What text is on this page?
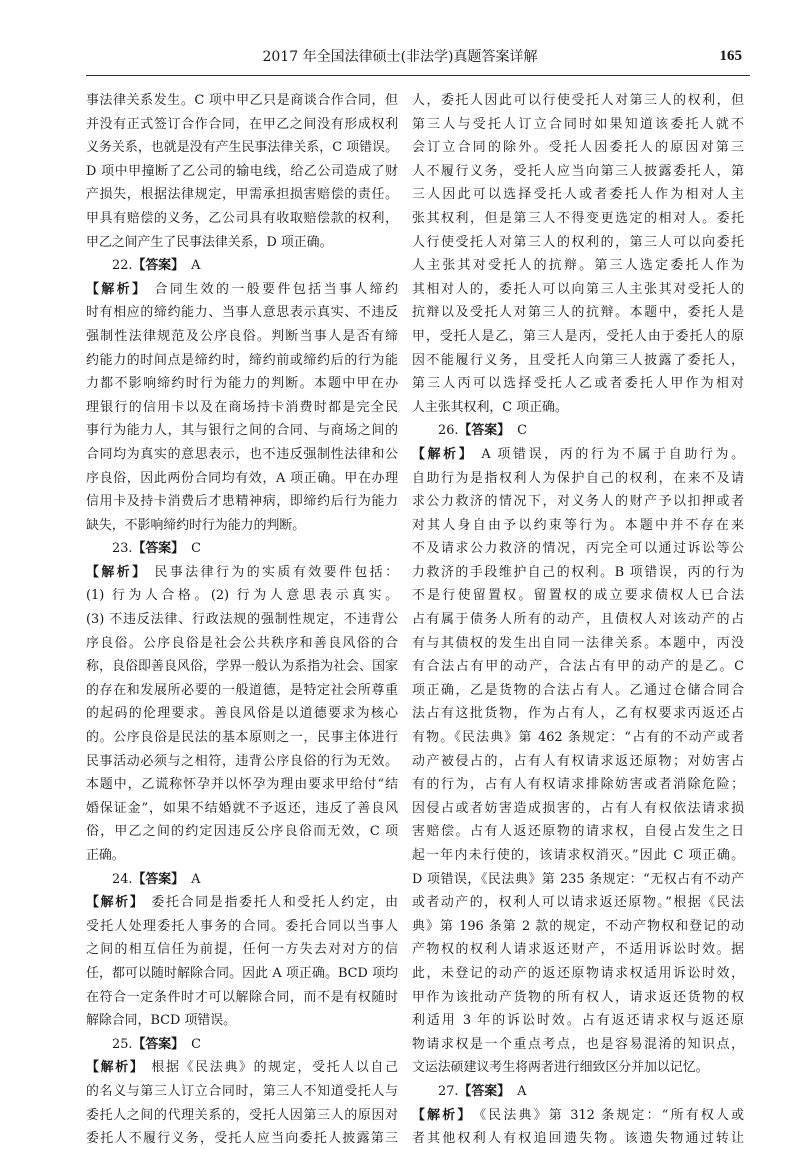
2017 年全国法律硕士(非法学)真题答案详解	165
事法律关系发生。C 项中甲乙只是商谈合作合同，但
并没有正式签订合作合同，在甲乙之间没有形成权利
义务关系，也就是没有产生民事法律关系，C 项错误。
D 项中甲撞断了乙公司的输电线，给乙公司造成了财
产损失，根据法律规定，甲需承担损害赔偿的责任。
甲具有赔偿的义务，乙公司具有收取赔偿款的权利，
甲乙之间产生了民事法律关系，D 项正确。
22.【答案】 A
【解析】 合同生效的一般要件包括当事人缔约
时有相应的缔约能力、当事人意思表示真实、不违反
强制性法律规范及公序良俗。判断当事人是否有缔
约能力的时间点是缔约时，缔约前或缔约后的行为能
力都不影响缔约时行为能力的判断。本题中甲在办
理银行的信用卡以及在商场持卡消费时都是完全民
事行为能力人，其与银行之间的合同、与商场之间的
合同均为真实的意思表示，也不违反强制性法律和公
序良俗，因此两份合同均有效，A 项正确。甲在办理
信用卡及持卡消费后才患精神病，即缔约后行为能力
缺失，不影响缔约时行为能力的判断。
23.【答案】 C
【解析】 民事法律行为的实质有效要件包括：
(1) 行为人合格。(2) 行为人意思表示真实。
(3) 不违反法律、行政法规的强制性规定，不违背公
序良俗。公序良俗是社会公共秩序和善良风俗的合
称，良俗即善良风俗，学界一般认为系指为社会、国家
的存在和发展所必要的一般道德，是特定社会所尊重
的起码的伦理要求。善良风俗是以道德要求为核心
的。公序良俗是民法的基本原则之一，民事主体进行
民事活动必须与之相符，违背公序良俗的行为无效。
本题中，乙谎称怀孕并以怀孕为理由要求甲给付“结
婚保证金”，如果不结婚就不予返还，违反了善良风
俗，甲乙之间的约定因违反公序良俗而无效，C 项
正确。
24.【答案】 A
【解析】 委托合同是指委托人和受托人约定，由
受托人处理委托人事务的合同。委托合同以当事人
之间的相互信任为前提，任何一方失去对对方的信
任，都可以随时解除合同。因此 A 项正确。BCD 项均
在符合一定条件时才可以解除合同，而不是有权随时
解除合同，BCD 项错误。
25.【答案】 C
【解析】 根据《民法典》的规定，受托人以自己
的名义与第三人订立合同时，第三人不知道受托人与
委托人之间的代理关系的，受托人因第三人的原因对
委托人不履行义务，受托人应当向委托人披露第三
人，委托人因此可以行使受托人对第三人的权利，但
第三人与受托人订立合同时如果知道该委托人就不
会订立合同的除外。受托人因委托人的原因对第三
人不履行义务，受托人应当向第三人披露委托人，第
三人因此可以选择受托人或者委托人作为相对人主
张其权利，但是第三人不得变更选定的相对人。委托
人行使受托人对第三人的权利的，第三人可以向委托
人主张其对受托人的抗辩。第三人选定委托人作为
其相对人的，委托人可以向第三人主张其对受托人的
抗辩以及受托人对第三人的抗辩。本题中，委托人是
甲，受托人是乙，第三人是丙，受托人由于委托人的原
因不能履行义务，且受托人向第三人披露了委托人，
第三人丙可以选择受托人乙或者委托人甲作为相对
人主张其权利，C 项正确。
26.【答案】 C
【解析】 A 项错误，丙的行为不属于自助行为。
自助行为是指权利人为保护自己的权利，在来不及请
求公力救济的情况下，对义务人的财产予以扣押或者
对其人身自由予以约束等行为。本题中并不存在来
不及请求公力救济的情况，丙完全可以通过诉讼等公
力救济的手段维护自己的权利。B 项错误，丙的行为
不是行使留置权。留置权的成立要求债权人已合法
占有属于债务人所有的动产，且债权人对该动产的占
有与其债权的发生出自同一法律关系。本题中，丙没
有合法占有甲的动产，合法占有甲的动产的是乙。C
项正确，乙是货物的合法占有人。乙通过仓储合同合
法占有这批货物，作为占有人，乙有权要求丙返还占
有物。《民法典》第 462 条规定：“占有的不动产或者
动产被侵占的，占有人有权请求返还原物；对妨害占
有的行为，占有人有权请求排除妨害或者消除危险；
因侵占或者妨害造成损害的，占有人有权依法请求损
害赔偿。占有人返还原物的请求权，自侵占发生之日
起一年内未行使的，该请求权消灭。”因此 C 项正确。
D 项错误，《民法典》第 235 条规定：“无权占有不动产
或者动产的，权利人可以请求返还原物。”根据《民法
典》第 196 条第 2 款的规定，不动产物权和登记的动
产物权的权利人请求返还财产，不适用诉讼时效。据
此，未登记的动产的返还原物请求权适用诉讼时效，
甲作为该批动产货物的所有权人，请求返还货物的权
利适用 3 年的诉讼时效。占有返还请求权与返还原
物请求权是一个重点考点，也是容易混淆的知识点，
文运法硕建议考生将两者进行细致区分并加以记忆。
27.【答案】 A
【解析】 《民法典》第 312 条规定：“所有权人或
者其他权利人有权追回遗失物。该遗失物通过转让
